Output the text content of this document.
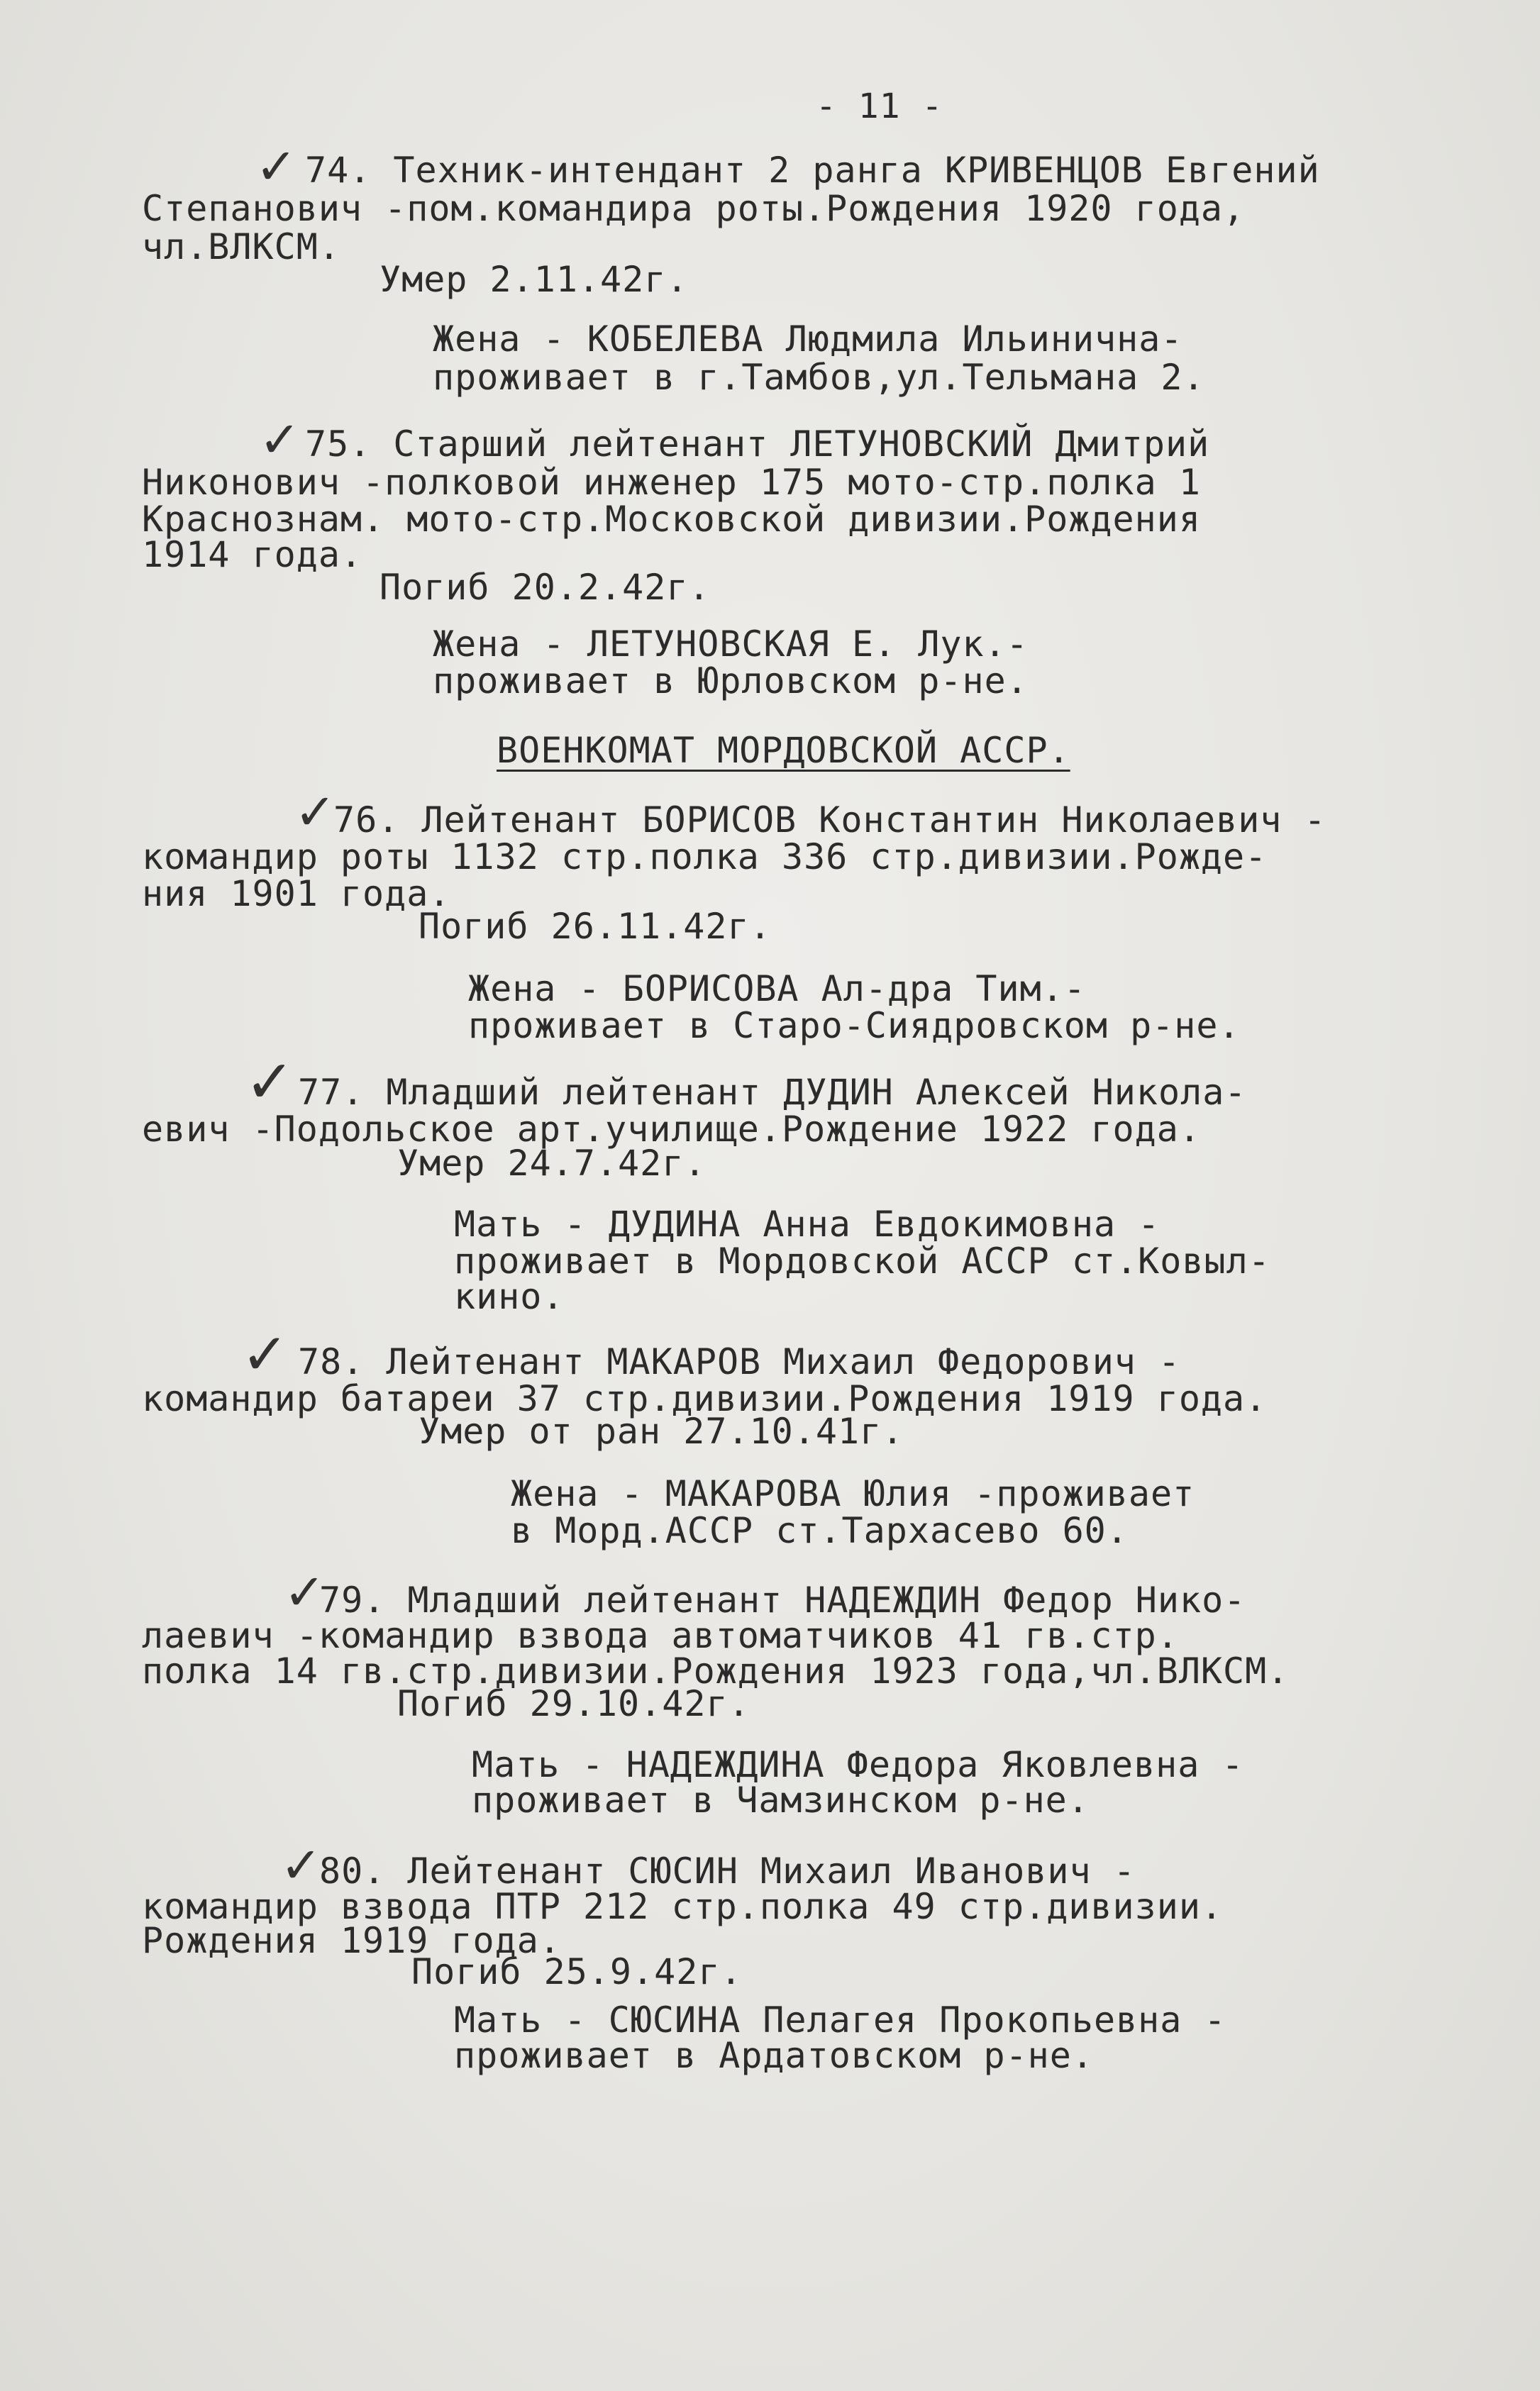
- 11 -
✓ 74. Техник-интендант 2 ранга КРИВЕНЦОВ Евгений
Степанович -пом.командира роты.Рождения 1920 года,
чл.ВЛКСМ.
Умер 2.11.42г.
Жена - КОБЕЛЕВА Людмила Ильинична-
проживает в г.Тамбов,ул.Тельмана 2.
✓ 75. Старший лейтенант ЛЕТУНОВСКИЙ Дмитрий
Никонович -полковой инженер 175 мото-стр.полка 1
Краснознам. мото-стр.Московской дивизии.Рождения
1914 года.
Погиб 20.2.42г.
Жена - ЛЕТУНОВСКАЯ Е. Лук.-
проживает в Юрловском р-не.
ВОЕНКОМАТ МОРДОВСКОЙ АССР.
✓
76. Лейтенант БОРИСОВ Константин Николаевич -
командир роты 1132 стр.полка 336 стр.дивизии.Рожде-
ния 1901 года.
Погиб 26.11.42г.
Жена - БОРИСОВА Ал-дра Тим.-
проживает в Старо-Сиядровском р-не.
✓ 77. Младший лейтенант ДУДИН Алексей Никола-
евич -Подольское арт.училище.Рождение 1922 года.
Умер 24.7.42г.
Мать - ДУДИНА Анна Евдокимовна -
проживает в Мордовской АССР ст.Ковыл-
кино.
✓ 78. Лейтенант МАКАРОВ Михаил Федорович -
командир батареи 37 стр.дивизии.Рождения 1919 года.
Умер от ран 27.10.41г.
Жена - МАКАРОВА Юлия -проживает
в Морд.АССР ст.Тархасево 60.
✓
79. Младший лейтенант НАДЕЖДИН Федор Нико-
лаевич -командир взвода автоматчиков 41 гв.стр.
полка 14 гв.стр.дивизии.Рождения 1923 года,чл.ВЛКСМ.
Погиб 29.10.42г.
Мать - НАДЕЖДИНА Федора Яковлевна -
проживает в Чамзинском р-не.
✓
80. Лейтенант СЮСИН Михаил Иванович -
командир взвода ПТР 212 стр.полка 49 стр.дивизии.
Рождения 1919 года.
Погиб 25.9.42г.
Мать - СЮСИНА Пелагея Прокопьевна -
проживает в Ардатовском р-не.
